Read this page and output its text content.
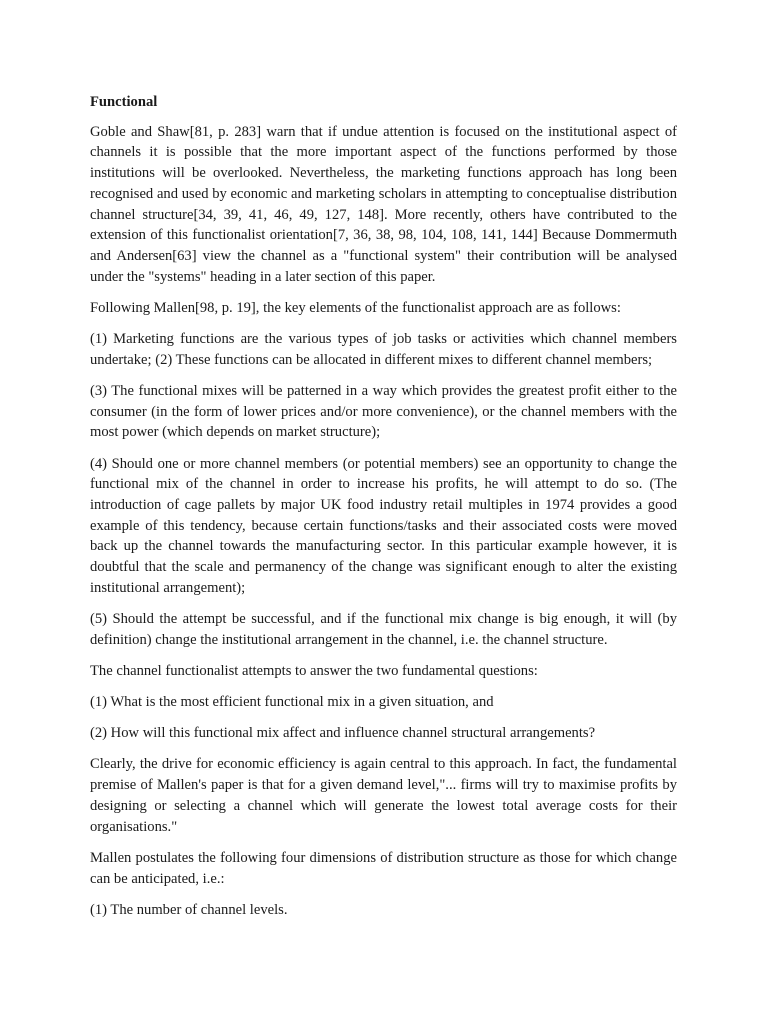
Functional

Goble and Shaw[81, p. 283] warn that if undue attention is focused on the institutional aspect of channels it is possible that the more important aspect of the functions performed by those institutions will be overlooked. Nevertheless, the marketing functions approach has long been recognised and used by economic and marketing scholars in attempting to conceptualise distribution channel structure[34, 39, 41, 46, 49, 127, 148]. More recently, others have contributed to the extension of this functionalist orientation[7, 36, 38, 98, 104, 108, 141, 144] Because Dommermuth and Andersen[63] view the channel as a "functional system" their contribution will be analysed under the "systems" heading in a later section of this paper.

Following Mallen[98, p. 19], the key elements of the functionalist approach are as follows:

(1) Marketing functions are the various types of job tasks or activities which channel members undertake; (2) These functions can be allocated in different mixes to different channel members;

(3) The functional mixes will be patterned in a way which provides the greatest profit either to the consumer (in the form of lower prices and/or more convenience), or the channel members with the most power (which depends on market structure);

(4) Should one or more channel members (or potential members) see an opportunity to change the functional mix of the channel in order to increase his profits, he will attempt to do so. (The introduction of cage pallets by major UK food industry retail multiples in 1974 provides a good example of this tendency, because certain functions/tasks and their associated costs were moved back up the channel towards the manufacturing sector. In this particular example however, it is doubtful that the scale and permanency of the change was significant enough to alter the existing institutional arrangement);

(5) Should the attempt be successful, and if the functional mix change is big enough, it will (by definition) change the institutional arrangement in the channel, i.e. the channel structure.

The channel functionalist attempts to answer the two fundamental questions:

(1) What is the most efficient functional mix in a given situation, and

(2) How will this functional mix affect and influence channel structural arrangements?

Clearly, the drive for economic efficiency is again central to this approach. In fact, the fundamental premise of Mallen's paper is that for a given demand level,"... firms will try to maximise profits by designing or selecting a channel which will generate the lowest total average costs for their organisations."

Mallen postulates the following four dimensions of distribution structure as those for which change can be anticipated, i.e.:

(1) The number of channel levels.
